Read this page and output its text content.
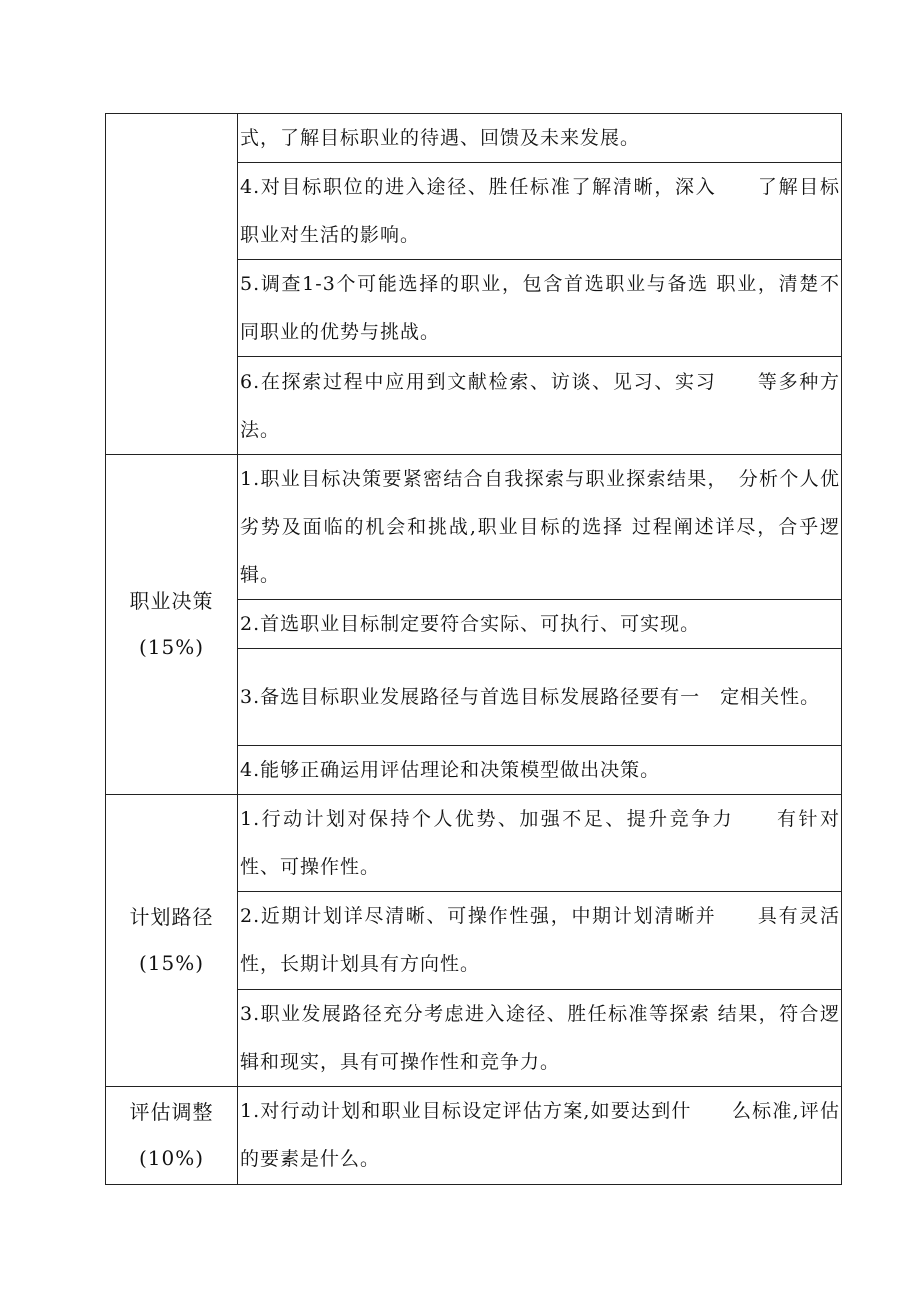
	式，了解目标职业的待遇、回馈及未来发展。
	4.对目标职位的进入途径、胜任标准了解清晰，深入　　了解目标职业对生活的影响。
	5.调查1-3个可能选择的职业，包含首选职业与备选 职业，清楚不同职业的优势与挑战。
	6.在探索过程中应用到文献检索、访谈、见习、实习　　等多种方法。
职业决策
(15%)	1.职业目标决策要紧密结合自我探索与职业探索结果，　分析个人优劣势及面临的机会和挑战,职业目标的选择 过程阐述详尽，合乎逻辑。
	2.首选职业目标制定要符合实际、可执行、可实现。
	3.备选目标职业发展路径与首选目标发展路径要有一　定相关性。
	4.能够正确运用评估理论和决策模型做出决策。
计划路径
(15%)	1.行动计划对保持个人优势、加强不足、提升竞争力　　有针对性、可操作性。
	2.近期计划详尽清晰、可操作性强，中期计划清晰并　　具有灵活性，长期计划具有方向性。
	3.职业发展路径充分考虑进入途径、胜任标准等探索 结果，符合逻辑和现实，具有可操作性和竞争力。
评估调整
(10%)	1.对行动计划和职业目标设定评估方案,如要达到什　　么标准,评估的要素是什么。
